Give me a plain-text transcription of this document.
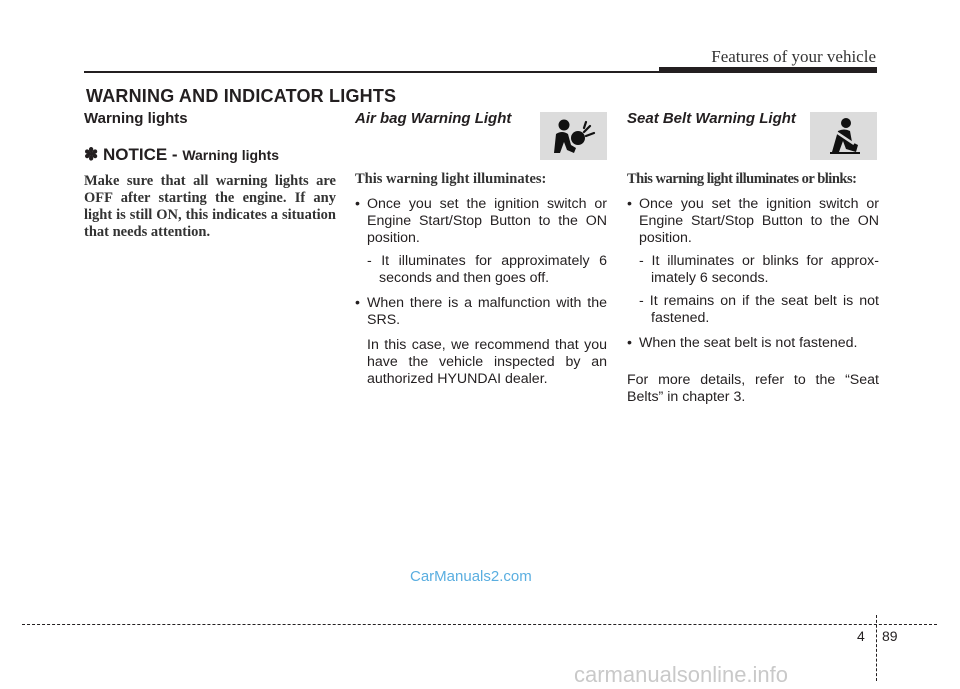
Features of your vehicle
WARNING AND INDICATOR LIGHTS
Warning lights
✽ NOTICE - Warning lights
Make sure that all warning lights are OFF after starting the engine. If any light is still ON, this indicates a situation that needs attention.
Air bag Warning Light
This warning light illuminates:
• Once you set the ignition switch or Engine Start/Stop Button to the ON position.
- It illuminates for approximately 6 seconds and then goes off.
• When there is a malfunction with the SRS.
In this case, we recommend that you have the vehicle inspected by an authorized HYUNDAI dealer.
Seat Belt Warning Light
This warning light illuminates or blinks:
• Once you set the ignition switch or Engine Start/Stop Button to the ON position.
- It illuminates or blinks for approx- imately 6 seconds.
- It remains on if the seat belt is not fastened.
• When the seat belt is not fastened.
For more details, refer to the “Seat Belts” in chapter 3.
CarManuals2.com
4 89
carmanualsonline.info
